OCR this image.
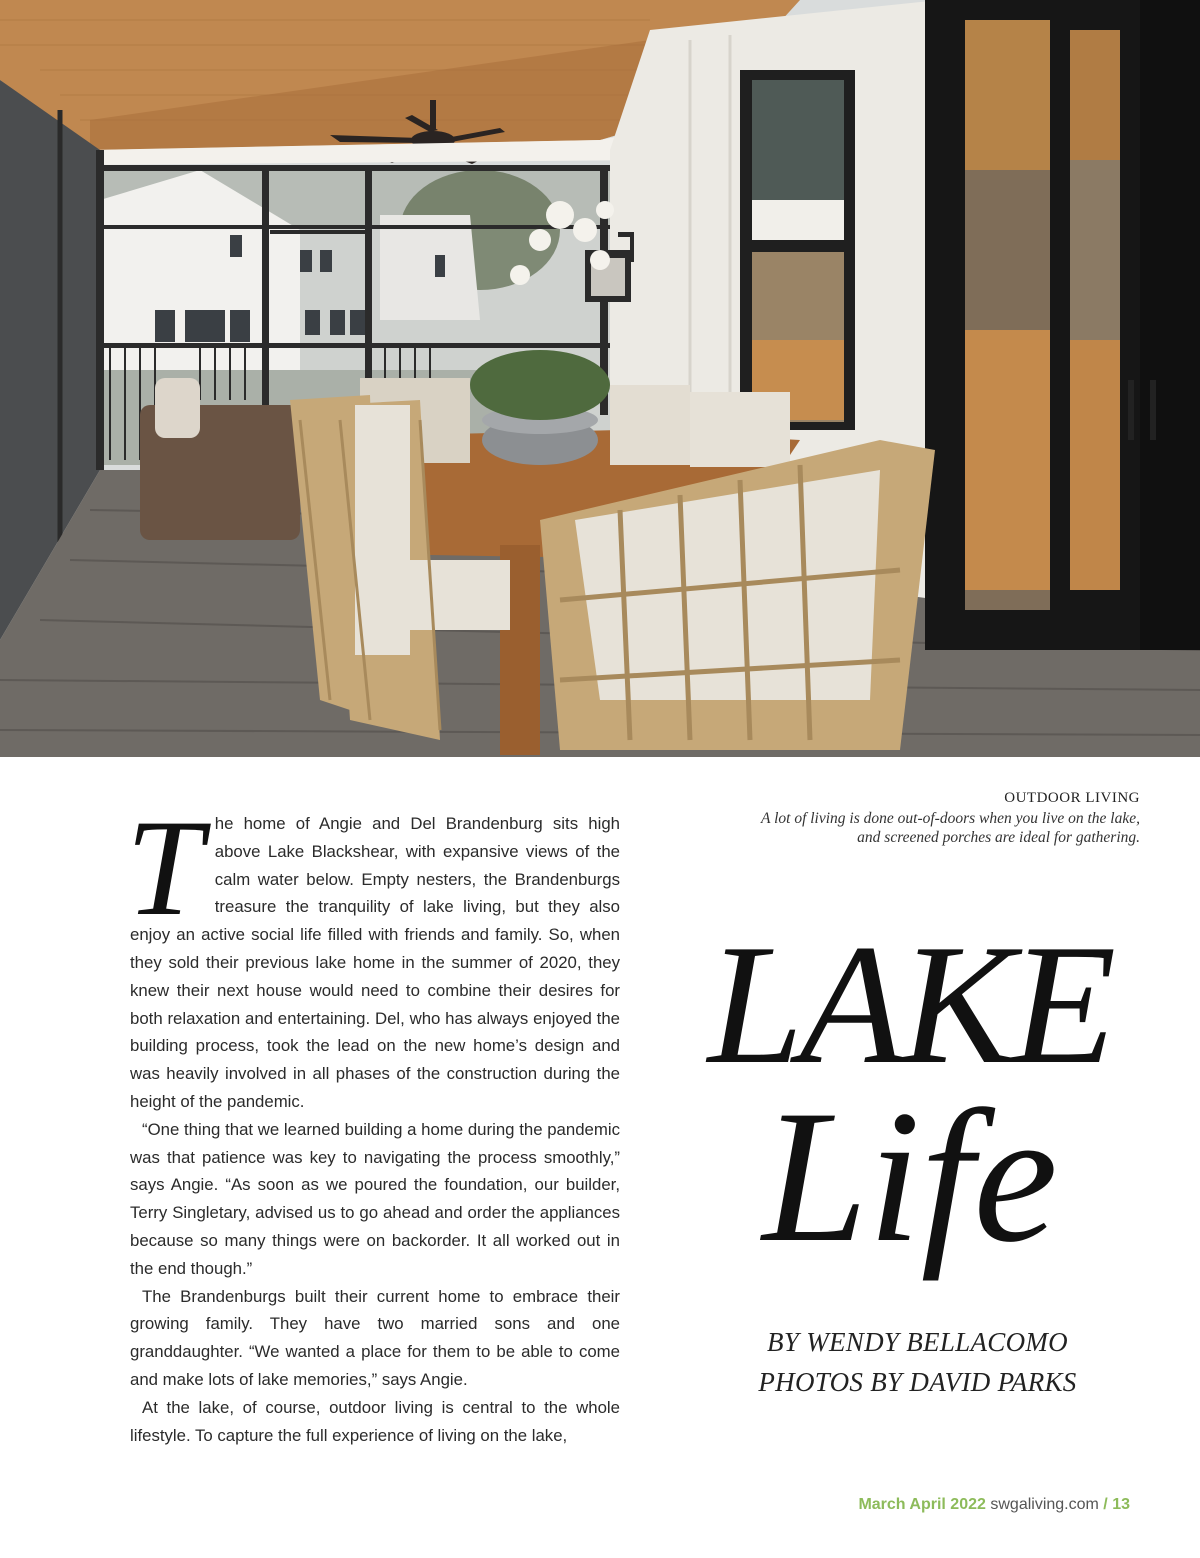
OUTDOOR LIVING

A lot of living is done out-of-doors when you live on the lake,

and screened porches are ideal for gathering.

The home of Angie and Del Brandenburg sits high above Lake Blackshear, with expansive views of the calm water below. Empty nesters, the Brandenburgs treasure the tranquility of lake living, but they also enjoy an active social life filled with friends and family. So, when they sold their previous lake home in the summer of 2020, they knew their next house would need to combine their desires for both relaxation and entertaining. Del, who has always enjoyed the building process, took the lead on the new home’s design and was heavily involved in all phases of the construction during the height of the pandemic.

“One thing that we learned building a home during the pandemic was that patience was key to navigating the process smoothly,” says Angie. “As soon as we poured the foundation, our builder, Terry Singletary, advised us to go ahead and order the appliances because so many things were on backorder. It all worked out in the end though.”

The Brandenburgs built their current home to embrace their growing family. They have two married sons and one granddaughter. “We wanted a place for them to be able to come and make lots of lake memories,” says Angie.

At the lake, of course, outdoor living is central to the whole lifestyle. To capture the full experience of living on the lake,

LAKE
Life
BY WENDY BELLACOMO
PHOTOS BY DAVID PARKS
March April 2022 swgaliving.com / 13
